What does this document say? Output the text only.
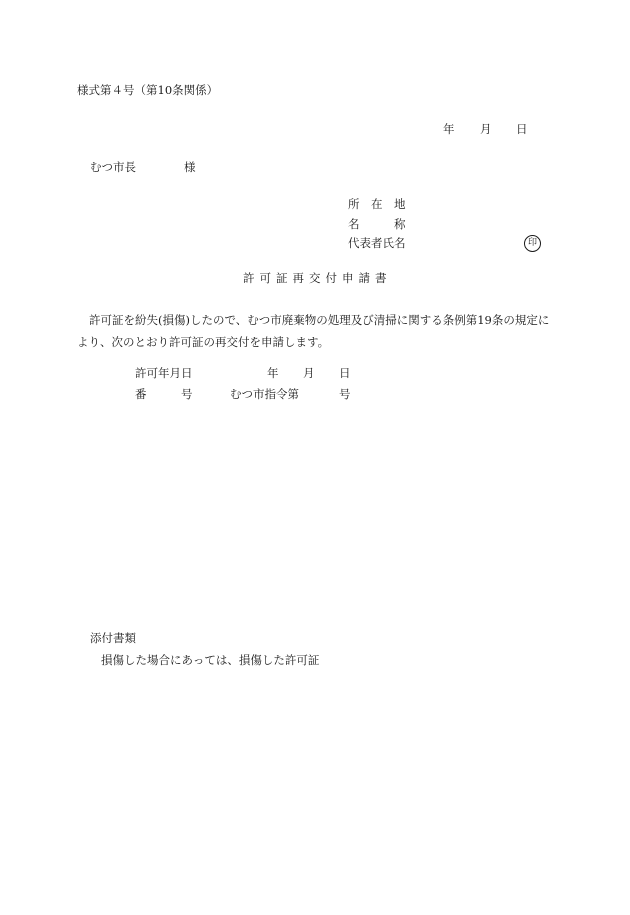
様式第４号（第10条関係）
年 月 日
むつ市長	様
所　在　地
名　　　称
代表者氏名	印
許可証再交付申請書
許可証を紛失(損傷)したので、むつ市廃棄物の処理及び清掃に関する条例第19条の規定により、次のとおり許可証の再交付を申請します。
許可年月日	年 月 日
番　　　号	むつ市指令第	号
添付書類
損傷した場合にあっては、損傷した許可証
